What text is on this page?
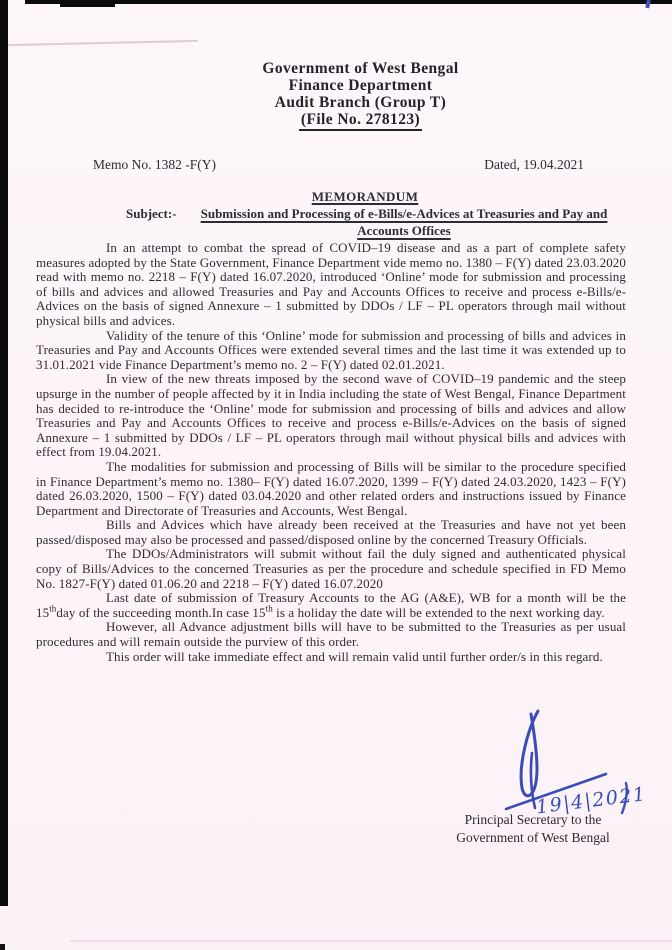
Government of West Bengal
Finance Department
Audit Branch (Group T)
(File No. 278123)
Memo No. 1382 -F(Y)	Dated, 19.04.2021
MEMORANDUM
Subject:-	Submission and Processing of e-Bills/e-Advices at Treasuries and Pay and Accounts Offices

In an attempt to combat the spread of COVID–19 disease and as a part of complete safety measures adopted by the State Government, Finance Department vide memo no. 1380 – F(Y) dated 23.03.2020 read with memo no. 2218 – F(Y) dated 16.07.2020, introduced ‘Online’ mode for submission and processing of bills and advices and allowed Treasuries and Pay and Accounts Offices to receive and process e-Bills/e-Advices on the basis of signed Annexure – 1 submitted by DDOs / LF – PL operators through mail without physical bills and advices.

Validity of the tenure of this ‘Online’ mode for submission and processing of bills and advices in Treasuries and Pay and Accounts Offices were extended several times and the last time it was extended up to 31.01.2021 vide Finance Department’s memo no. 2 – F(Y) dated 02.01.2021.

In view of the new threats imposed by the second wave of COVID–19 pandemic and the steep upsurge in the number of people affected by it in India including the state of West Bengal, Finance Department has decided to re-introduce the ‘Online’ mode for submission and processing of bills and advices and allow Treasuries and Pay and Accounts Offices to receive and process e-Bills/e-Advices on the basis of signed Annexure – 1 submitted by DDOs / LF – PL operators through mail without physical bills and advices with effect from 19.04.2021.

The modalities for submission and processing of Bills will be similar to the procedure specified in Finance Department’s memo no. 1380– F(Y) dated 16.07.2020, 1399 – F(Y) dated 24.03.2020, 1423 – F(Y) dated 26.03.2020, 1500 – F(Y) dated 03.04.2020 and other related orders and instructions issued by Finance Department and Directorate of Treasuries and Accounts, West Bengal.

Bills and Advices which have already been received at the Treasuries and have not yet been passed/disposed may also be processed and passed/disposed online by the concerned Treasury Officials.

The DDOs/Administrators will submit without fail the duly signed and authenticated physical copy of Bills/Advices to the concerned Treasuries as per the procedure and schedule specified in FD Memo No. 1827-F(Y) dated 01.06.20 and 2218 – F(Y) dated 16.07.2020

Last date of submission of Treasury Accounts to the AG (A&E), WB for a month will be the 15thday of the succeeding month.In case 15th is a holiday the date will be extended to the next working day.

However, all Advance adjustment bills will have to be submitted to the Treasuries as per usual procedures and will remain outside the purview of this order.

This order will take immediate effect and will remain valid until further order/s in this regard.

19|4|2021
Principal Secretary to the
Government of West Bengal
